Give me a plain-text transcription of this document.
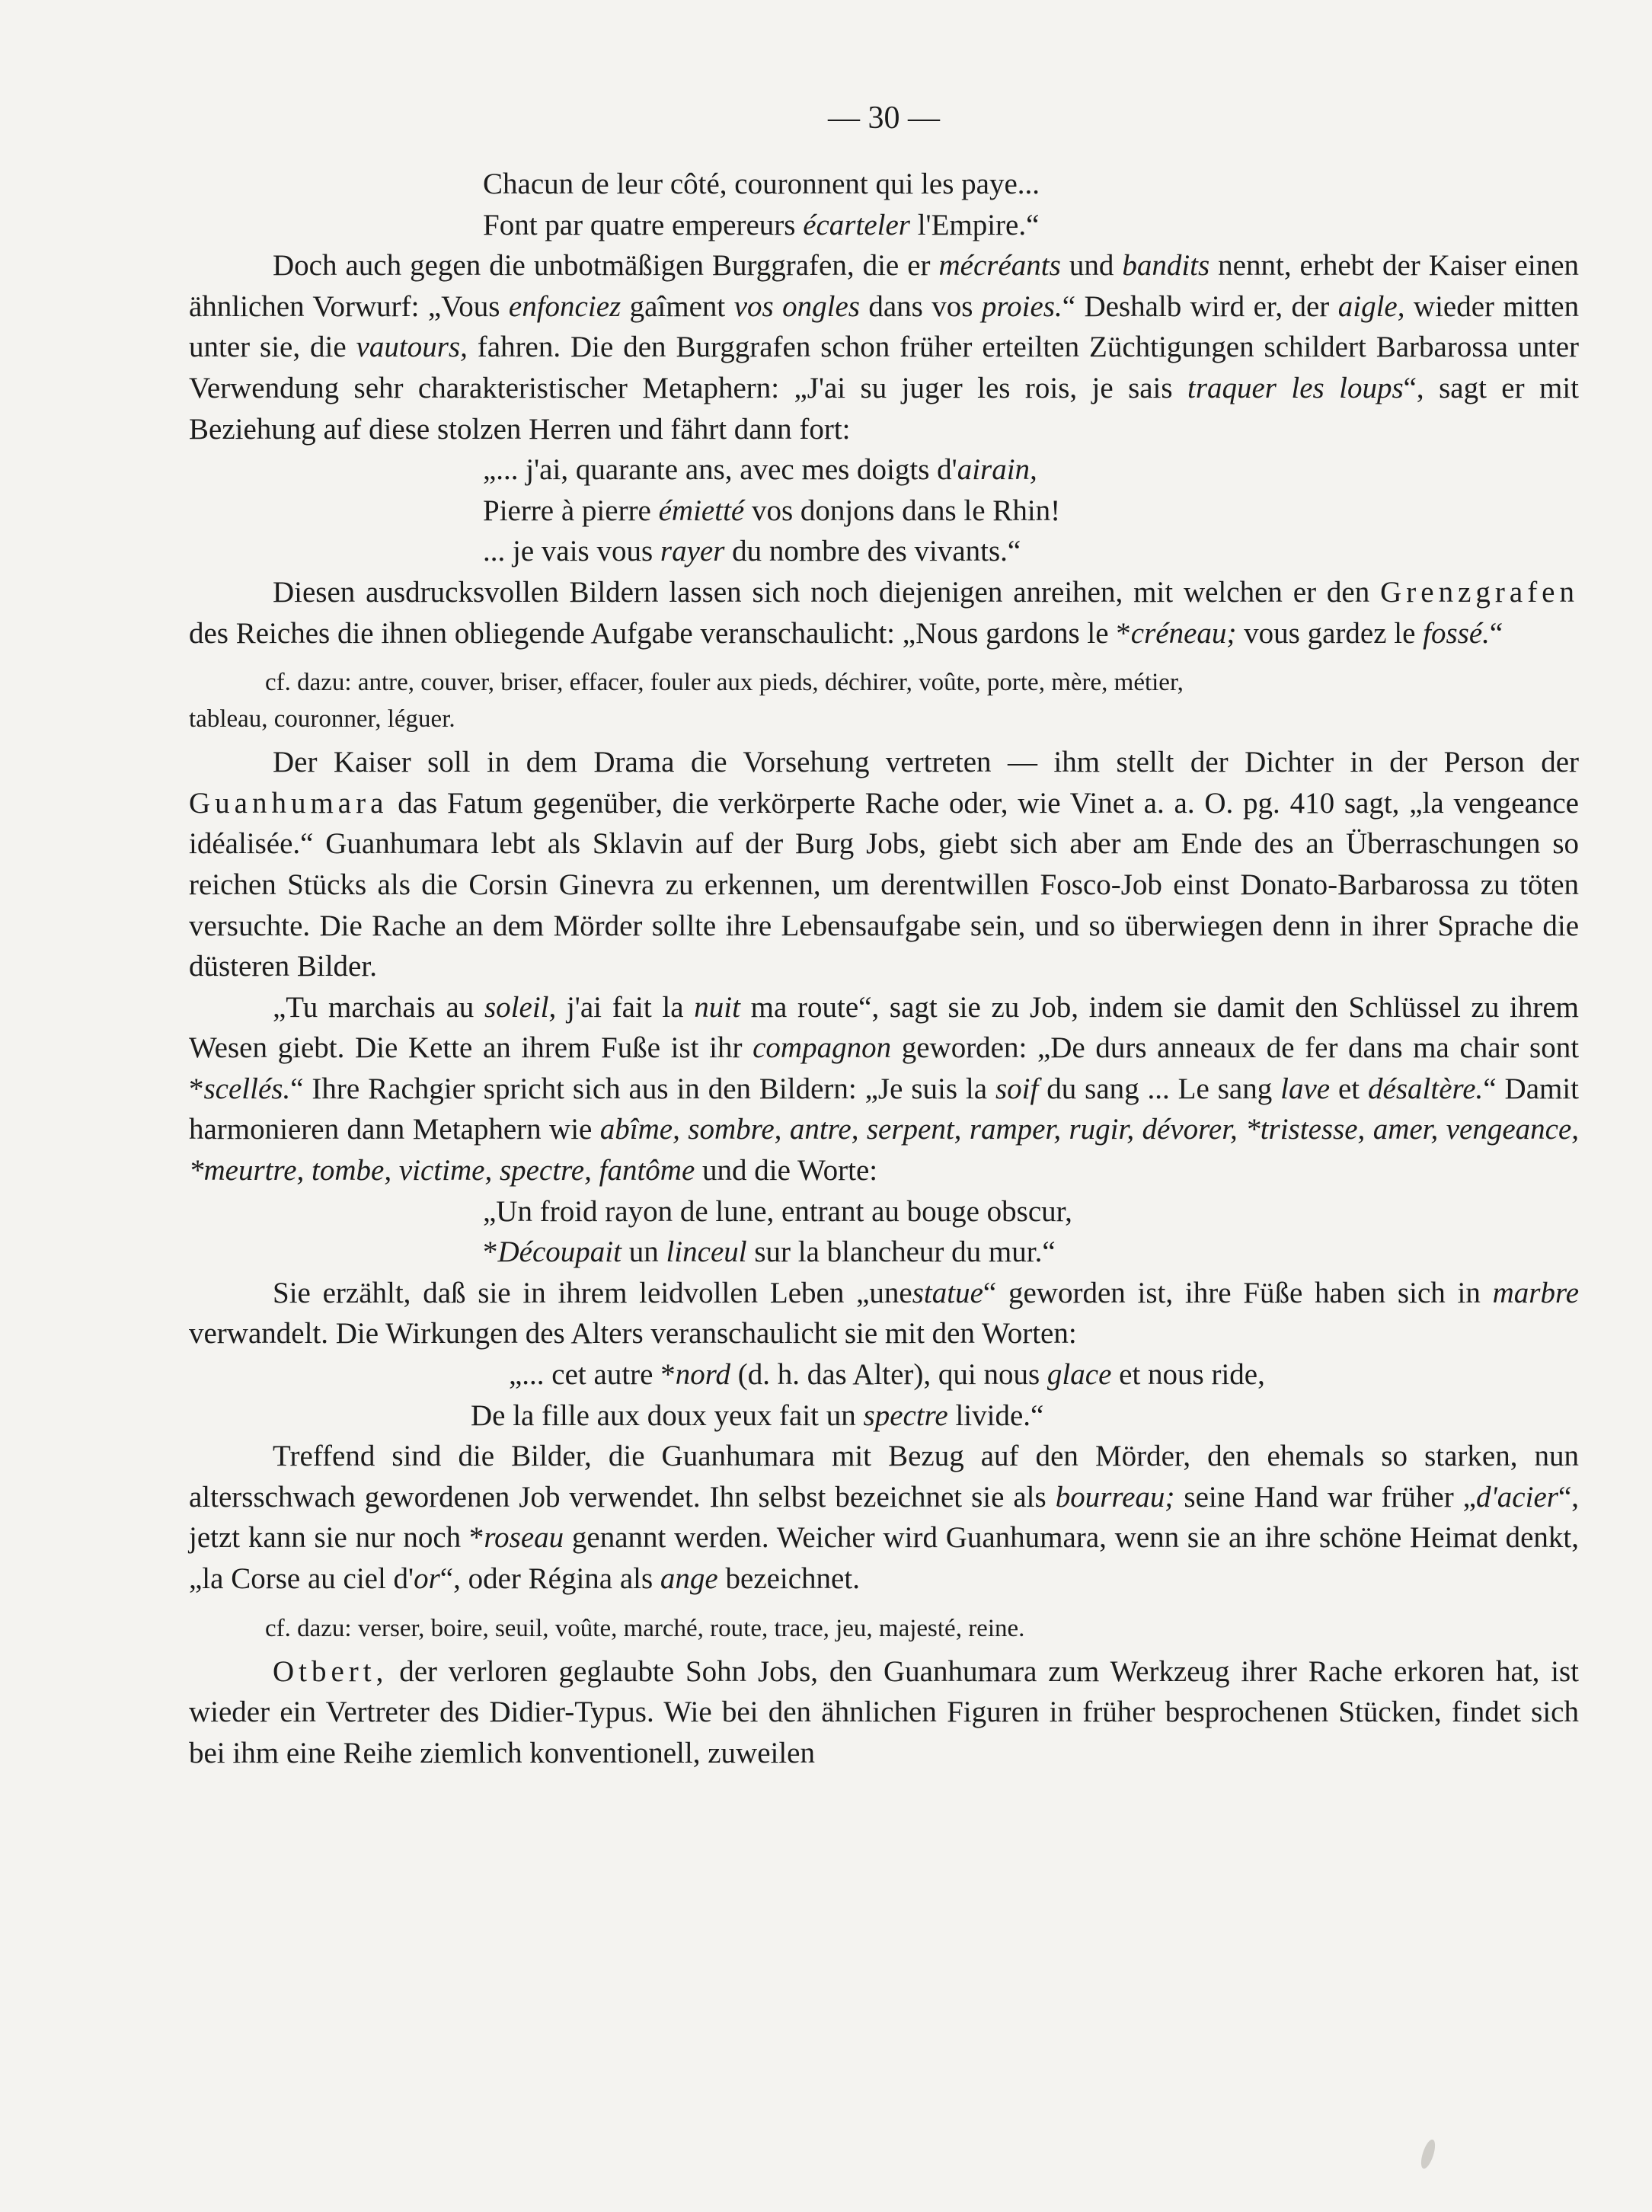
— 30 —
Chacun de leur côté, couronnent qui les paye...
Font par quatre empereurs écarteler l'Empire.“

Doch auch gegen die unbotmäßigen Burggrafen, die er mécréants und bandits nennt, erhebt der Kaiser einen ähnlichen Vorwurf: „Vous enfonciez gaîment vos ongles dans vos proies.“ Deshalb wird er, der aigle, wieder mitten unter sie, die vautours, fahren. Die den Burggrafen schon früher erteilten Züchtigungen schildert Barbarossa unter Verwendung sehr charakteristischer Metaphern: „J'ai su juger les rois, je sais traquer les loups“, sagt er mit Beziehung auf diese stolzen Herren und fährt dann fort:

„... j'ai, quarante ans, avec mes doigts d'airain,
Pierre à pierre émietté vos donjons dans le Rhin!
... je vais vous rayer du nombre des vivants.“

Diesen ausdrucksvollen Bildern lassen sich noch diejenigen anreihen, mit welchen er den Grenzgrafen des Reiches die ihnen obliegende Aufgabe veranschaulicht: „Nous gardons le *créneau; vous gardez le fossé.“

cf. dazu: antre, couver, briser, effacer, fouler aux pieds, déchirer, voûte, porte, mère, métier,
tableau, couronner, léguer.

Der Kaiser soll in dem Drama die Vorsehung vertreten — ihm stellt der Dichter in der Person der Guanhumara das Fatum gegenüber, die verkörperte Rache oder, wie Vinet a. a. O. pg. 410 sagt, „la vengeance idéalisée.“ Guanhumara lebt als Sklavin auf der Burg Jobs, giebt sich aber am Ende des an Überraschungen so reichen Stücks als die Corsin Ginevra zu erkennen, um derentwillen Fosco-Job einst Donato-Barbarossa zu töten versuchte. Die Rache an dem Mörder sollte ihre Lebensaufgabe sein, und so überwiegen denn in ihrer Sprache die düsteren Bilder.

„Tu marchais au soleil, j'ai fait la nuit ma route“, sagt sie zu Job, indem sie damit den Schlüssel zu ihrem Wesen giebt. Die Kette an ihrem Fuße ist ihr compagnon geworden: „De durs anneaux de fer dans ma chair sont *scellés.“ Ihre Rachgier spricht sich aus in den Bildern: „Je suis la soif du sang ... Le sang lave et désaltère.“ Damit harmonieren dann Metaphern wie abîme, sombre, antre, serpent, ramper, rugir, dévorer, *tristesse, amer, vengeance, *meurtre, tombe, victime, spectre, fantôme und die Worte:

„Un froid rayon de lune, entrant au bouge obscur,
*Découpait un linceul sur la blancheur du mur.“

Sie erzählt, daß sie in ihrem leidvollen Leben „unestatue“ geworden ist, ihre Füße haben sich in marbre verwandelt. Die Wirkungen des Alters veranschaulicht sie mit den Worten:

„... cet autre *nord (d. h. das Alter), qui nous glace et nous ride,
De la fille aux doux yeux fait un spectre livide.“

Treffend sind die Bilder, die Guanhumara mit Bezug auf den Mörder, den ehemals so starken, nun altersschwach gewordenen Job verwendet. Ihn selbst bezeichnet sie als bourreau; seine Hand war früher „d'acier“, jetzt kann sie nur noch *roseau genannt werden. Weicher wird Guanhumara, wenn sie an ihre schöne Heimat denkt, „la Corse au ciel d'or“, oder Régina als ange bezeichnet.

cf. dazu: verser, boire, seuil, voûte, marché, route, trace, jeu, majesté, reine.

Otbert, der verloren geglaubte Sohn Jobs, den Guanhumara zum Werkzeug ihrer Rache erkoren hat, ist wieder ein Vertreter des Didier-Typus. Wie bei den ähnlichen Figuren in früher besprochenen Stücken, findet sich bei ihm eine Reihe ziemlich konventionell, zuweilen
